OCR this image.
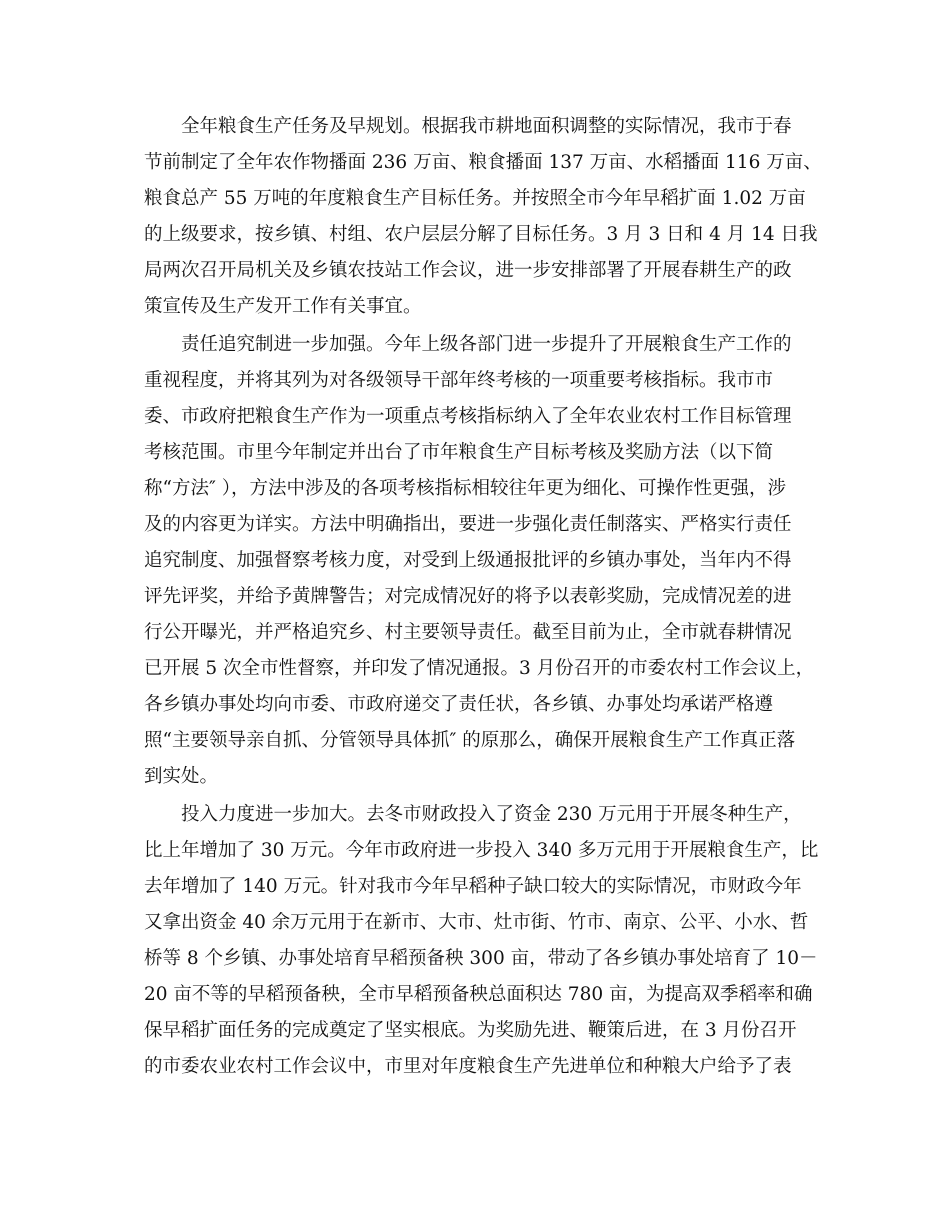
全年粮食生产任务及早规划。根据我市耕地面积调整的实际情况，我市于春
节前制定了全年农作物播面 236 万亩、粮食播面 137 万亩、水稻播面 116 万亩、
粮食总产 55 万吨的年度粮食生产目标任务。并按照全市今年早稻扩面 1.02 万亩
的上级要求，按乡镇、村组、农户层层分解了目标任务。3 月 3 日和 4 月 14 日我
局两次召开局机关及乡镇农技站工作会议，进一步安排部署了开展春耕生产的政
策宣传及生产发开工作有关事宜。
责任追究制进一步加强。今年上级各部门进一步提升了开展粮食生产工作的
重视程度，并将其列为对各级领导干部年终考核的一项重要考核指标。我市市
委、市政府把粮食生产作为一项重点考核指标纳入了全年农业农村工作目标管理
考核范围。市里今年制定并出台了市年粮食生产目标考核及奖励方法（以下简
称“方法″ ），方法中涉及的各项考核指标相较往年更为细化、可操作性更强，涉
及的内容更为详实。方法中明确指出，要进一步强化责任制落实、严格实行责任
追究制度、加强督察考核力度，对受到上级通报批评的乡镇办事处，当年内不得
评先评奖，并给予黄牌警告；对完成情况好的将予以表彰奖励，完成情况差的进
行公开曝光，并严格追究乡、村主要领导责任。截至目前为止，全市就春耕情况
已开展 5 次全市性督察，并印发了情况通报。3 月份召开的市委农村工作会议上，
各乡镇办事处均向市委、市政府递交了责任状，各乡镇、办事处均承诺严格遵
照“主要领导亲自抓、分管领导具体抓″ 的原那么，确保开展粮食生产工作真正落
到实处。
投入力度进一步加大。去冬市财政投入了资金 230 万元用于开展冬种生产，
比上年增加了 30 万元。今年市政府进一步投入 340 多万元用于开展粮食生产，比
去年增加了 140 万元。针对我市今年早稻种子缺口较大的实际情况，市财政今年
又拿出资金 40 余万元用于在新市、大市、灶市街、竹市、南京、公平、小水、哲
桥等 8 个乡镇、办事处培育早稻预备秧 300 亩，带动了各乡镇办事处培育了 10－
20 亩不等的早稻预备秧，全市早稻预备秧总面积达 780 亩，为提高双季稻率和确
保早稻扩面任务的完成奠定了坚实根底。为奖励先进、鞭策后进，在 3 月份召开
的市委农业农村工作会议中，市里对年度粮食生产先进单位和种粮大户给予了表
